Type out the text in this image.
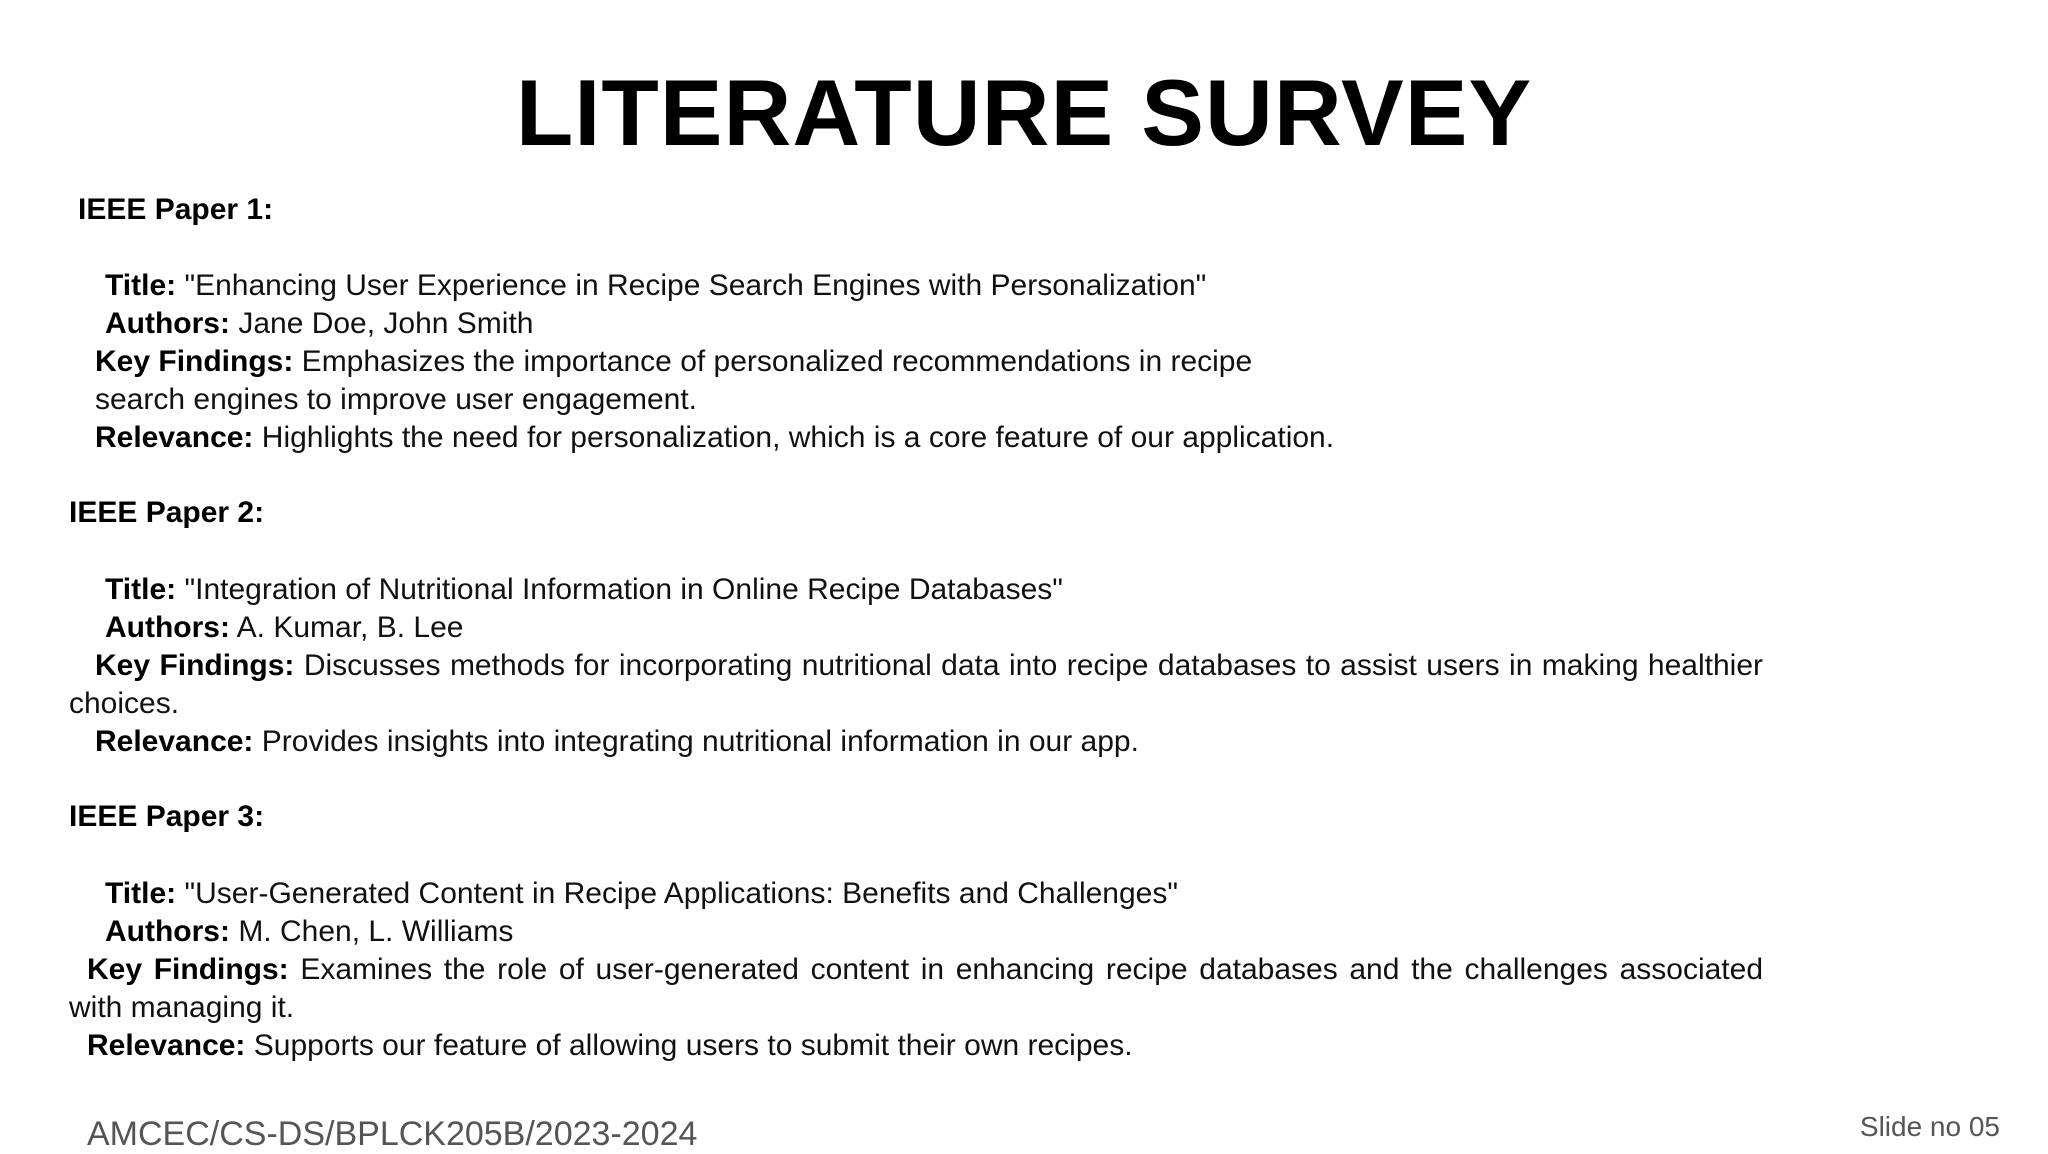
LITERATURE SURVEY
IEEE Paper 1:
Title: "Enhancing User Experience in Recipe Search Engines with Personalization"
Authors: Jane Doe, John Smith
Key Findings: Emphasizes the importance of personalized recommendations in recipe
search engines to improve user engagement.
Relevance: Highlights the need for personalization, which is a core feature of our application.
IEEE Paper 2:
Title: "Integration of Nutritional Information in Online Recipe Databases"
Authors: A. Kumar, B. Lee
Key Findings: Discusses methods for incorporating nutritional data into recipe databases to assist users in making healthier choices.
Relevance: Provides insights into integrating nutritional information in our app.
IEEE Paper 3:
Title: "User-Generated Content in Recipe Applications: Benefits and Challenges"
Authors: M. Chen, L. Williams
Key Findings: Examines the role of user-generated content in enhancing recipe databases and the challenges associated with managing it.
Relevance: Supports our feature of allowing users to submit their own recipes.
AMCEC/CS-DS/BPLCK205B/2023-2024	Slide no 05
